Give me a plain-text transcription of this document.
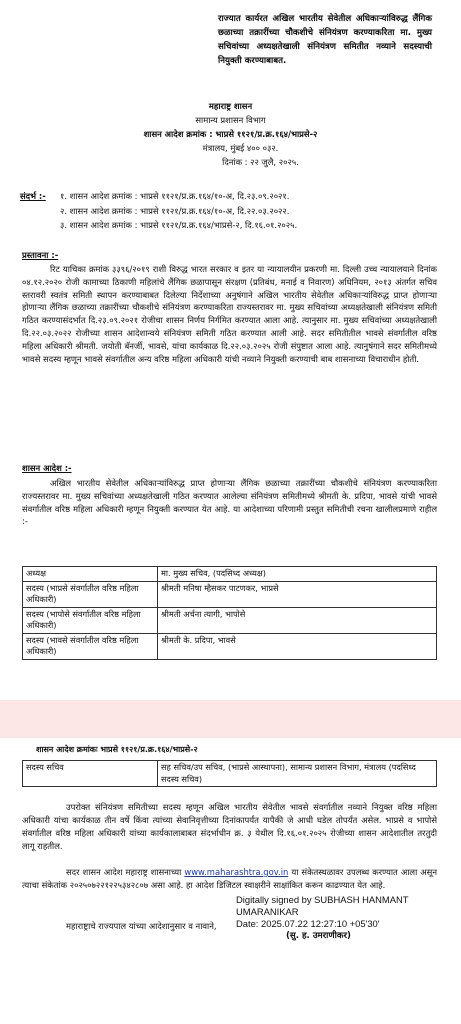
राज्यात कार्यरत अखिल भारतीय सेवेतील अधिकाऱ्यांविरुद्ध लैंगिक छळाच्या तक्रारींच्या चौकशीचे संनियंत्रण करण्याकरिता मा. मुख्य सचिवांच्या अध्यक्षतेखाली संनियंत्रण समितीत नव्याने सदस्याची नियुक्ती करण्याबाबत.
महाराष्ट्र शासन
सामान्य प्रशासन विभाग
शासन आदेश क्रमांक : भाप्रसे ११२१/प्र.क्र.१६४/भाप्रसे-२
मंत्रालय, मुंबई ४०० ०३२.
दिनांक : २२ जुलै, २०२५.
संदर्भ :- १. शासन आदेश क्रमांक : भाप्रसे ११२१/प्र.क्र.१६४/१०-अ, दि.२३.०९.२०२१.
२. शासन आदेश क्रमांक : भाप्रसे ११२१/प्र.क्र.१६४/१०-अ, दि.२२.०३.२०२२.
३. शासन आदेश क्रमांक : भाप्रसे ११२१/प्र.क्र.१६४/भाप्रसे-२, दि.१६.०१.२०२५.
प्रस्तावना :-
रिट याचिका क्रमांक ३३९६/२०१९ राशी विरुद्ध भारत सरकार व इतर या न्यायालयीन प्रकरणी मा. दिल्ली उच्च न्यायालयाने दिनांक ०४.१२.२०२० रोजी कामाच्या ठिकाणी महिलांचे लैंगिक छळापासून संरक्षण (प्रतिबंध, मनाई व निवारण) अधिनियम, २०१३ अंतर्गत सचिव स्तरावरी स्वतंत्र समिती स्थापन करण्याबाबत दिलेल्या निर्देशाच्या अनुषंगाने अखिल भारतीय सेवेतील अधिकाऱ्यांविरुद्ध प्राप्त होणाऱ्या होणाऱ्या लैंगिक छळाच्या तक्रारींच्या चौकशीचे संनियंत्रण करण्याकरिता राज्यस्तरावर मा. मुख्य सचिवांच्या अध्यक्षतेखाली संनियंत्रण समिती गठित करण्यासंदर्भात दि.२३.०९.२०२१ रोजीचा शासन निर्णय निर्गमित करण्यात आला आहे. त्यानुसार मा. मुख्य सचिवांच्या अध्यक्षतेखाली दि.२२.०३.२०२२ रोजीच्या शासन आदेशान्वये संनियंत्रण समिती गठित करण्यात आली आहे. सदर समितीतील भावसे संवर्गातील वरिष्ठ महिला अधिकारी श्रीमती. जयोती बॅनर्जी, भावसे, यांचा कार्यकाळ दि.२२.०३.२०२५ रोजी संपुष्टात आला आहे. त्यानुषंगाने सदर समितीमध्ये भावसे सदस्य म्हणून भावसे संवर्गातील अन्य वरिष्ठ महिला अधिकारी यांची नव्याने नियुक्ती करण्याची बाब शासनाच्या विचाराधीन होती.
शासन आदेश :-
अखिल भारतीय सेवेतील अधिकाऱ्यांविरुद्ध प्राप्त होणाऱ्या लैंगिक छळाच्या तक्रारींच्या चौकशीचे संनियंत्रण करण्याकरिता राज्यस्तरावर मा. मुख्य सचिवांच्या अध्यक्षतेखाली गठित करण्यात आलेल्या संनियंत्रण समितीमध्ये श्रीमती के. प्रदिपा, भावसे यांची भावसे संवर्गातील वरिष्ठ महिला अधिकारी म्हणून नियुक्ती करण्यात येत आहे. या आदेशाच्या परिणामी प्रस्तुत समितीची रचना खालीलप्रमाणे राहील :-
अध्यक्ष	मा. मुख्य सचिव, (पदसिध्द अध्यक्ष)
सदस्य (भाप्रसे संवर्गातील वरिष्ठ महिला अधिकारी)	श्रीमती मनिषा म्हैसकर पाटणकर, भाप्रसे
सदस्य (भापोसे संवर्गातील वरिष्ठ महिला अधिकारी)	श्रीमती अर्चना त्यागी, भापोसे
सदस्य (भावसे संवर्गातील वरिष्ठ महिला अधिकारी)	श्रीमती के. प्रदिपा, भावसे
शासन आदेश क्रमांकः भाप्रसे ११२१/प्र.क्र.१६४/भाप्रसे-२
सदस्य सचिव	सह सचिव/उप सचिव, (भाप्रसे आस्थापना), सामान्य प्रशासन विभाग, मंत्रालय (पदसिध्द सदस्य सचिव)
उपरोक्त संनियंत्रण समितीच्या सदस्य म्हणून अखिल भारतीय सेवेतील भावसे संवर्गातील नव्याने नियुक्त वरिष्ठ महिला अधिकारी यांचा कार्यकाळ तीन वर्षे किंवा त्यांच्या सेवानिवृत्तीच्या दिनांकापर्यंत यापैकी जे आधी घडेल तोपर्यंत असेल. भाप्रसे व भापोसे संवर्गातील वरिष्ठ महिला अधिकारी यांच्या कार्यकालाबाबत संदर्भाधीन क्र. ३ येथील दि.१६.०१.२०२५ रोजीच्या शासन आदेशातील तरतुदी लागू राहतील.
सदर शासन आदेश महाराष्ट्र शासनाच्या www.maharashtra.gov.in या संकेतस्थळावर उपलब्ध करण्यात आला असून त्याचा संकेतांक २०२५०७२२१२२५३४२८०७ असा आहे. हा आदेश डिजिटल स्वाक्षरीने साक्षांकित करून काढण्यात येत आहे.
महाराष्ट्राचे राज्यपाल यांच्या आदेशानुसार व नावाने,
Digitally signed by SUBHASH HANMANT
UMARANIKAR
Date: 2025.07.22 12:27:10 +05'30'
(सु. ह. उमराणीकर)
